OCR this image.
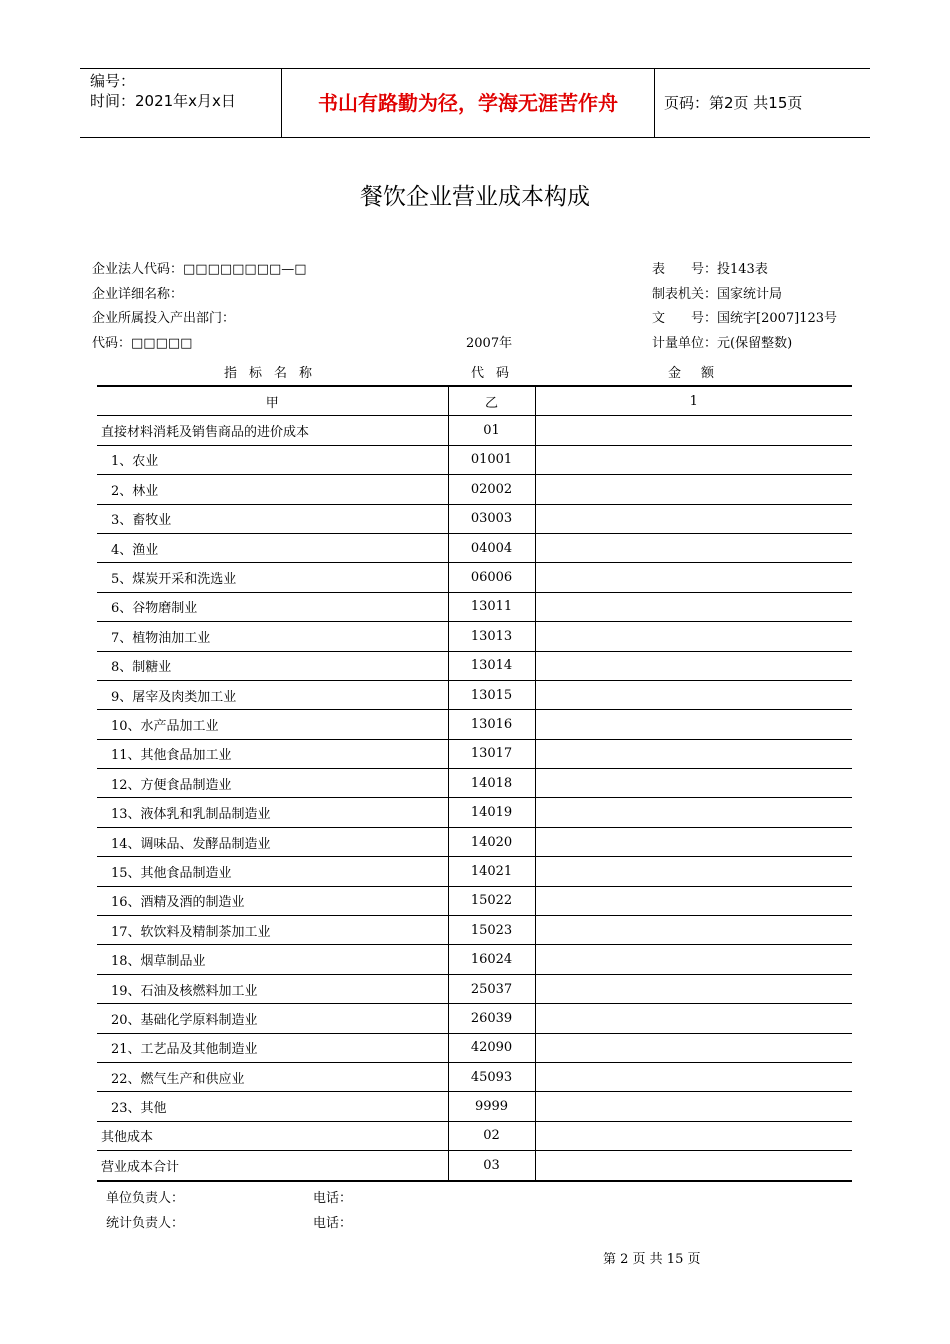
编号：
时间：2021年x月x日	书山有路勤为径，学海无涯苦作舟	页码：第2页 共15页
餐饮企业营业成本构成
企业法人代码：□□□□□□□□—□
企业详细名称：
企业所属投入产出部门：
代码：□□□□□	2007年
表　　号：投143表
制表机关：国家统计局
文　　号：国统字[2007]123号
计量单位：元(保留整数)
指标名称	代码	金额
甲	乙	1
直接材料消耗及销售商品的进价成本	01	
1、农业	01001	
2、林业	02002	
3、畜牧业	03003	
4、渔业	04004	
5、煤炭开采和洗选业	06006	
6、谷物磨制业	13011	
7、植物油加工业	13013	
8、制糖业	13014	
9、屠宰及肉类加工业	13015	
10、水产品加工业	13016	
11、其他食品加工业	13017	
12、方便食品制造业	14018	
13、液体乳和乳制品制造业	14019	
14、调味品、发酵品制造业	14020	
15、其他食品制造业	14021	
16、酒精及酒的制造业	15022	
17、软饮料及精制茶加工业	15023	
18、烟草制品业	16024	
19、石油及核燃料加工业	25037	
20、基础化学原料制造业	26039	
21、工艺品及其他制造业	42090	
22、燃气生产和供应业	45093	
23、其他	9999	
其他成本	02	
营业成本合计	03	
单位负责人：	电话：
统计负责人：	电话：
第 2 页 共 15 页
